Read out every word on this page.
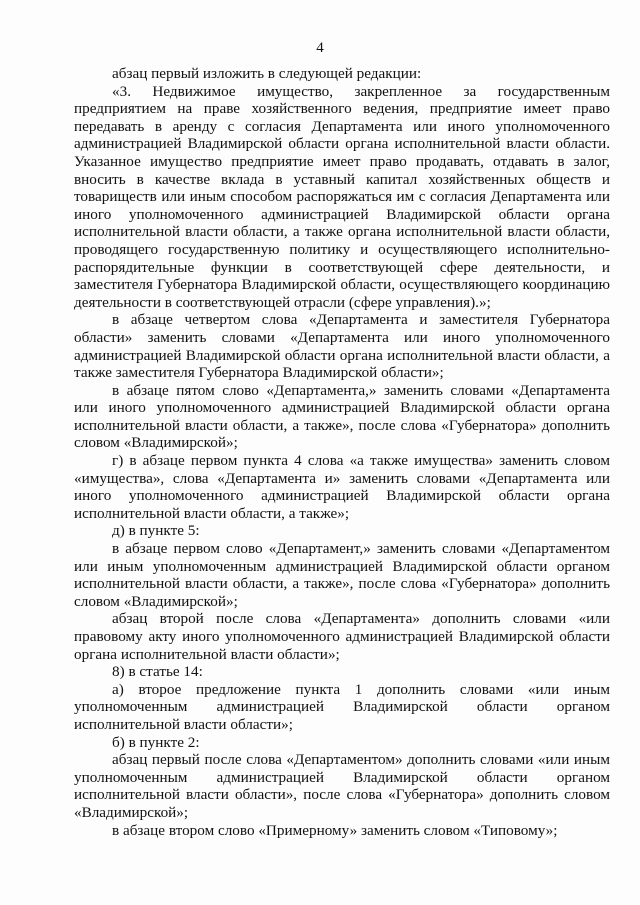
4

абзац первый изложить в следующей редакции:

«3. Недвижимое имущество, закрепленное за государственным предприятием на праве хозяйственного ведения, предприятие имеет право передавать в аренду с согласия Департамента или иного уполномоченного администрацией Владимирской области органа исполнительной власти области. Указанное имущество предприятие имеет право продавать, отдавать в залог, вносить в качестве вклада в уставный капитал хозяйственных обществ и товариществ или иным способом распоряжаться им с согласия Департамента или иного уполномоченного администрацией Владимирской области органа исполнительной власти области, а также органа исполнительной власти области, проводящего государственную политику и осуществляющего исполнительно-распорядительные функции в соответствующей сфере деятельности, и заместителя Губернатора Владимирской области, осуществляющего координацию деятельности в соответствующей отрасли (сфере управления).»;

в абзаце четвертом слова «Департамента и заместителя Губернатора области» заменить словами «Департамента или иного уполномоченного администрацией Владимирской области органа исполнительной власти области, а также заместителя Губернатора Владимирской области»;

в абзаце пятом слово «Департамента,» заменить словами «Департамента или иного уполномоченного администрацией Владимирской области органа исполнительной власти области, а также», после слова «Губернатора» дополнить словом «Владимирской»;

г) в абзаце первом пункта 4 слова «а также имущества» заменить словом «имущества», слова «Департамента и» заменить словами «Департамента или иного уполномоченного администрацией Владимирской области органа исполнительной власти области, а также»;

д) в пункте 5:

в абзаце первом слово «Департамент,» заменить словами «Департаментом или иным уполномоченным администрацией Владимирской области органом исполнительной власти области, а также», после слова «Губернатора» дополнить словом «Владимирской»;

абзац второй после слова «Департамента» дополнить словами «или правовому акту иного уполномоченного администрацией Владимирской области органа исполнительной власти области»;

8) в статье 14:

а) второе предложение пункта 1 дополнить словами «или иным уполномоченным администрацией Владимирской области органом исполнительной власти области»;

б) в пункте 2:

абзац первый после слова «Департаментом» дополнить словами «или иным уполномоченным администрацией Владимирской области органом исполнительной власти области», после слова «Губернатора» дополнить словом «Владимирской»;

в абзаце втором слово «Примерному» заменить словом «Типовому»;
